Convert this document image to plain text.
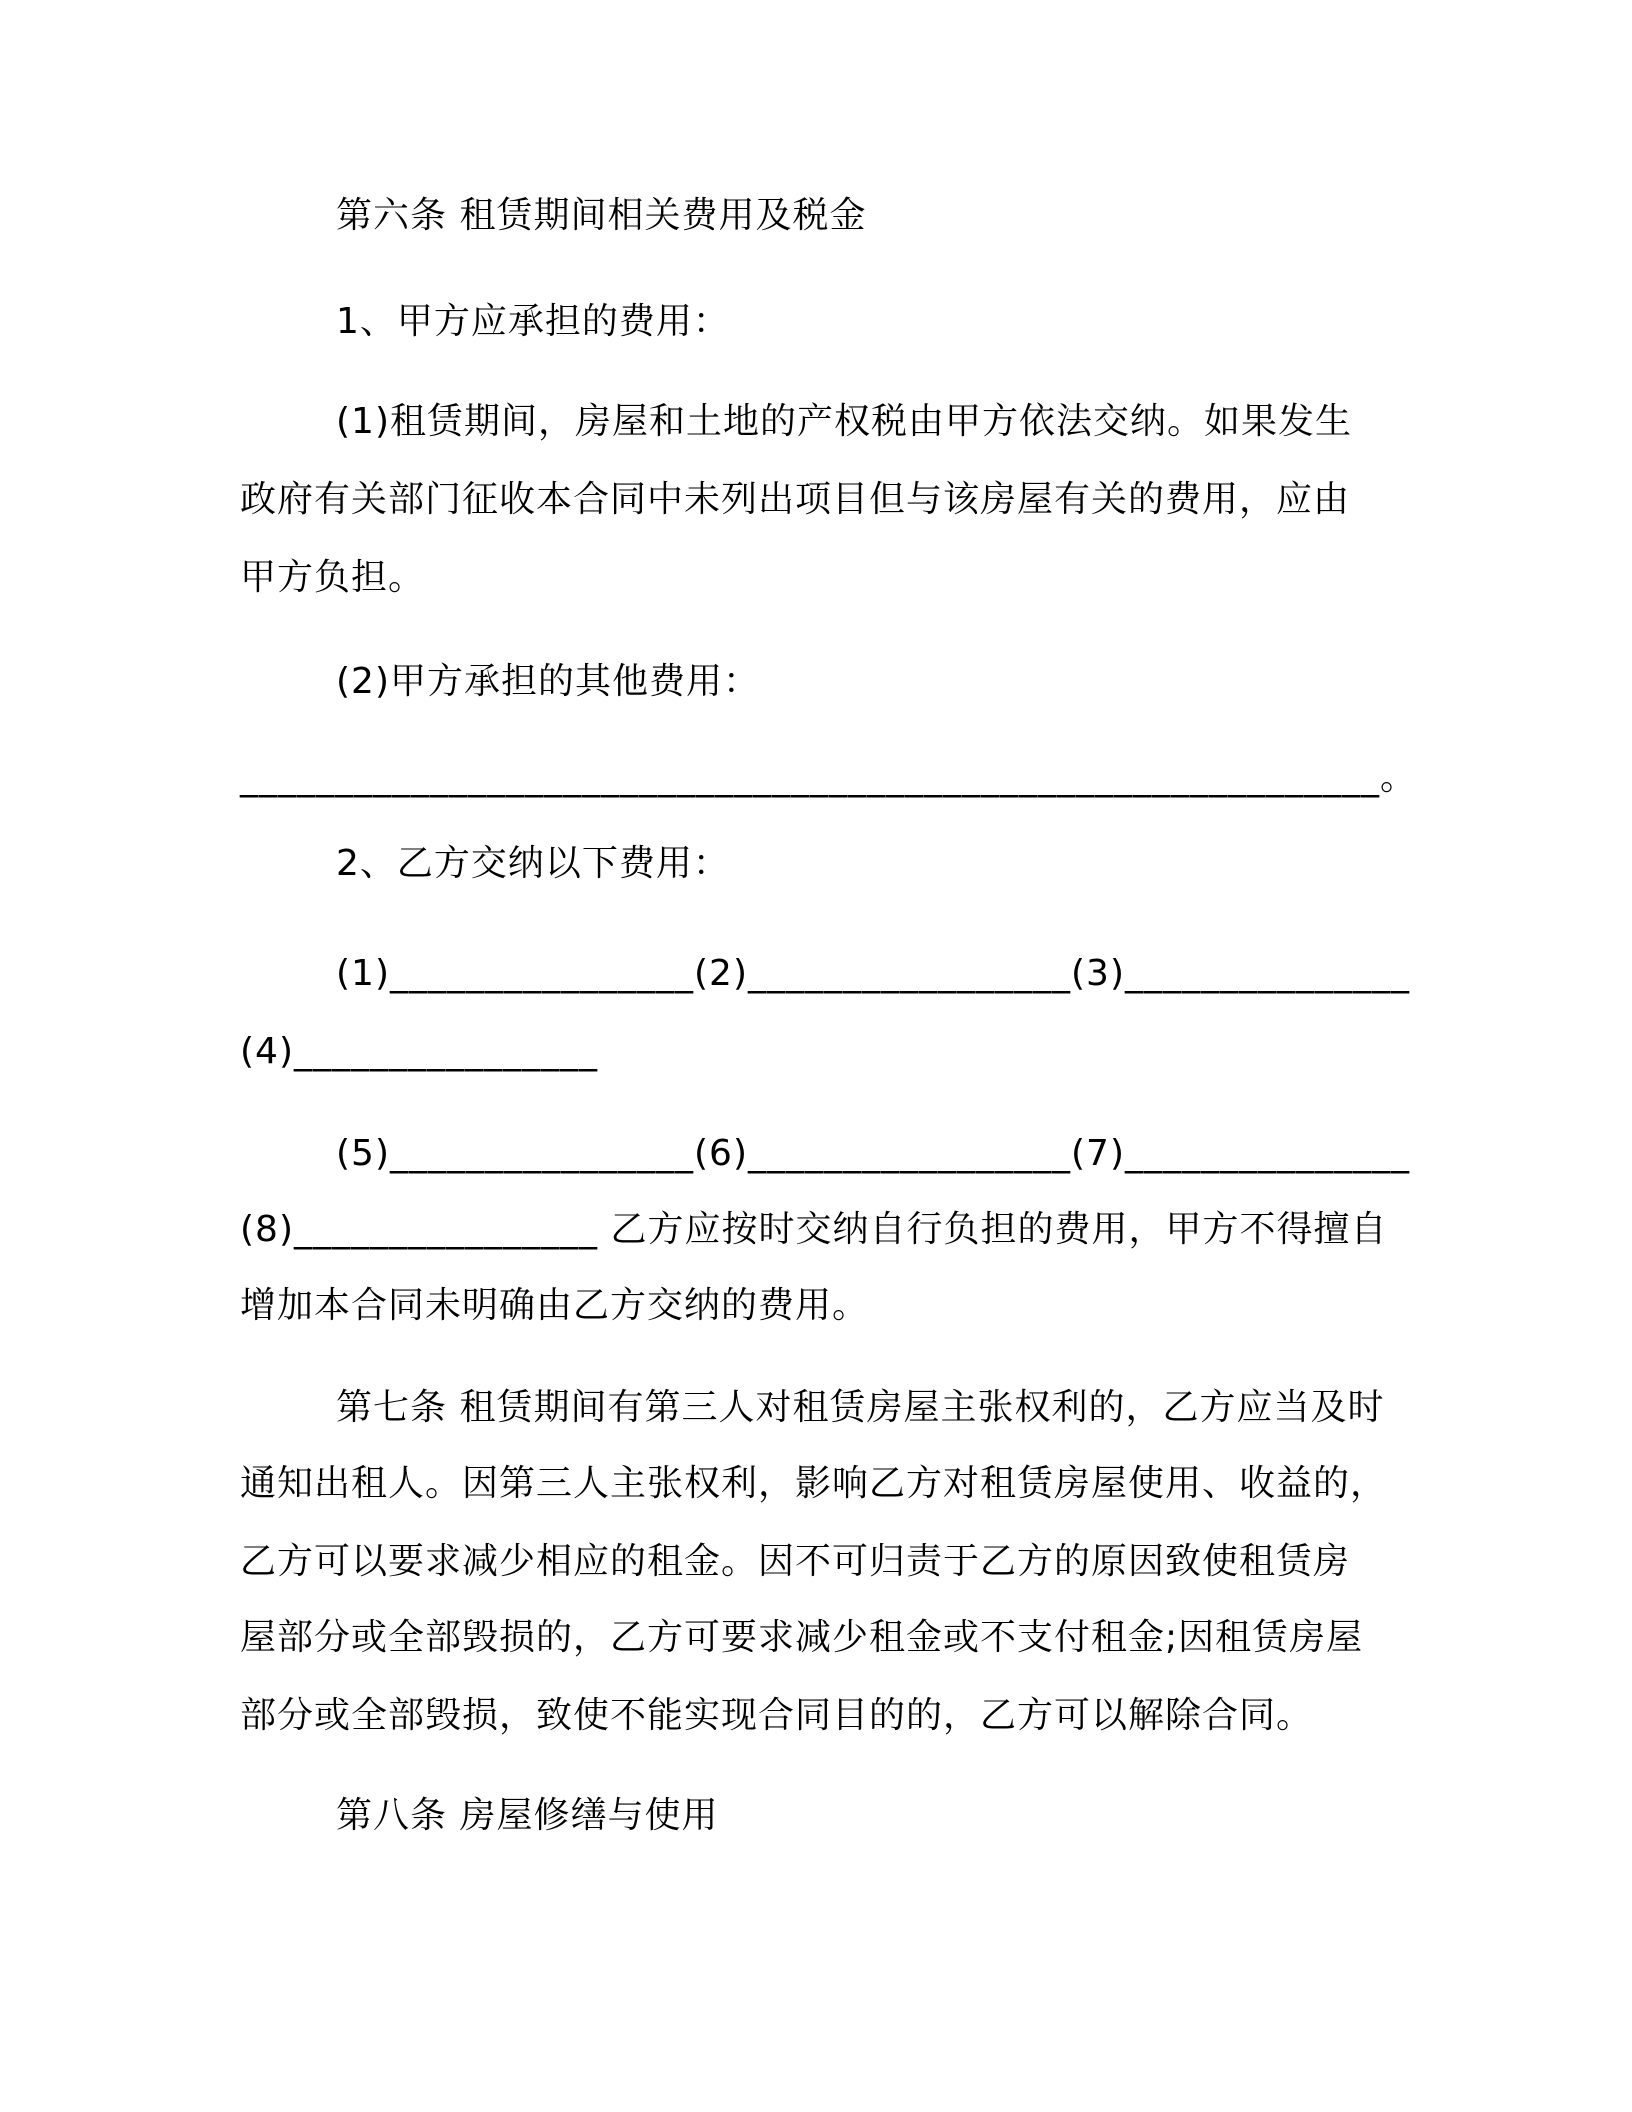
第六条 租赁期间相关费用及税金
1、甲方应承担的费用：
(1)租赁期间，房屋和土地的产权税由甲方依法交纳。如果发生
政府有关部门征收本合同中未列出项目但与该房屋有关的费用，应由
甲方负担。
(2)甲方承担的其他费用：
____________________________________________________________。
2、乙方交纳以下费用：
(1)________________(2)_________________(3)_______________
(4)________________
(5)________________(6)_________________(7)_______________
(8)________________ 乙方应按时交纳自行负担的费用，甲方不得擅自
增加本合同未明确由乙方交纳的费用。
第七条 租赁期间有第三人对租赁房屋主张权利的，乙方应当及时
通知出租人。因第三人主张权利，影响乙方对租赁房屋使用、收益的，
乙方可以要求减少相应的租金。因不可归责于乙方的原因致使租赁房
屋部分或全部毁损的，乙方可要求减少租金或不支付租金;因租赁房屋
部分或全部毁损，致使不能实现合同目的的，乙方可以解除合同。
第八条 房屋修缮与使用
